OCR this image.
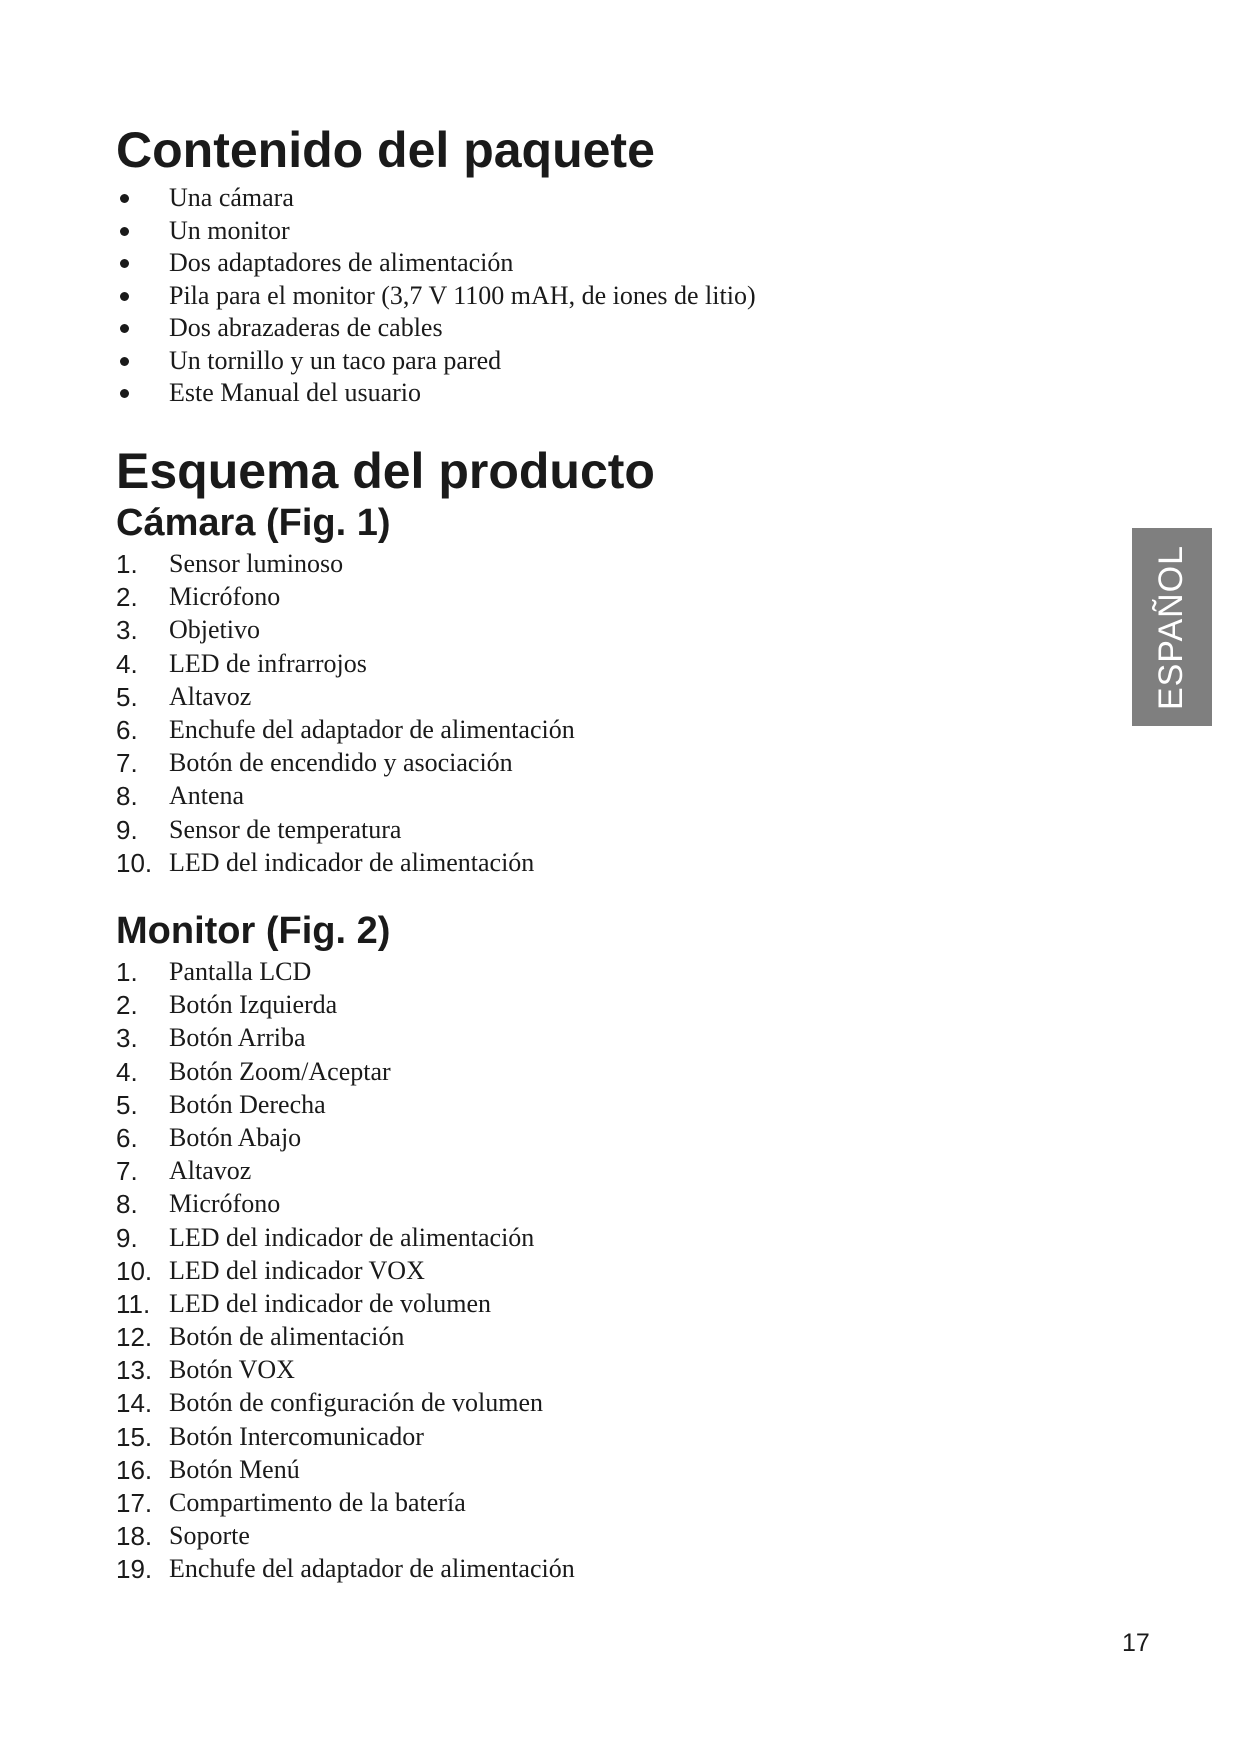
Contenido del paquete
Una cámara
Un monitor
Dos adaptadores de alimentación
Pila para el monitor (3,7 V 1100 mAH, de iones de litio)
Dos abrazaderas de cables
Un tornillo y un taco para pared
Este Manual del usuario
Esquema del producto
Cámara (Fig. 1)
1.	Sensor luminoso
2.	Micrófono
3.	Objetivo
4.	LED de infrarrojos
5.	Altavoz
6.	Enchufe del adaptador de alimentación
7.	Botón de encendido y asociación
8.	Antena
9.	Sensor de temperatura
10. LED del indicador de alimentación
Monitor (Fig. 2)
1.	Pantalla LCD
2.	Botón Izquierda
3.	Botón Arriba
4.	Botón Zoom/Aceptar
5.	Botón Derecha
6.	Botón Abajo
7.	Altavoz
8.	Micrófono
9.	LED del indicador de alimentación
10. LED del indicador VOX
11. LED del indicador de volumen
12. Botón de alimentación
13. Botón VOX
14. Botón de configuración de volumen
15. Botón Intercomunicador
16. Botón Menú
17. Compartimento de la batería
18. Soporte
19. Enchufe del adaptador de alimentación
ESPAÑOL
17
